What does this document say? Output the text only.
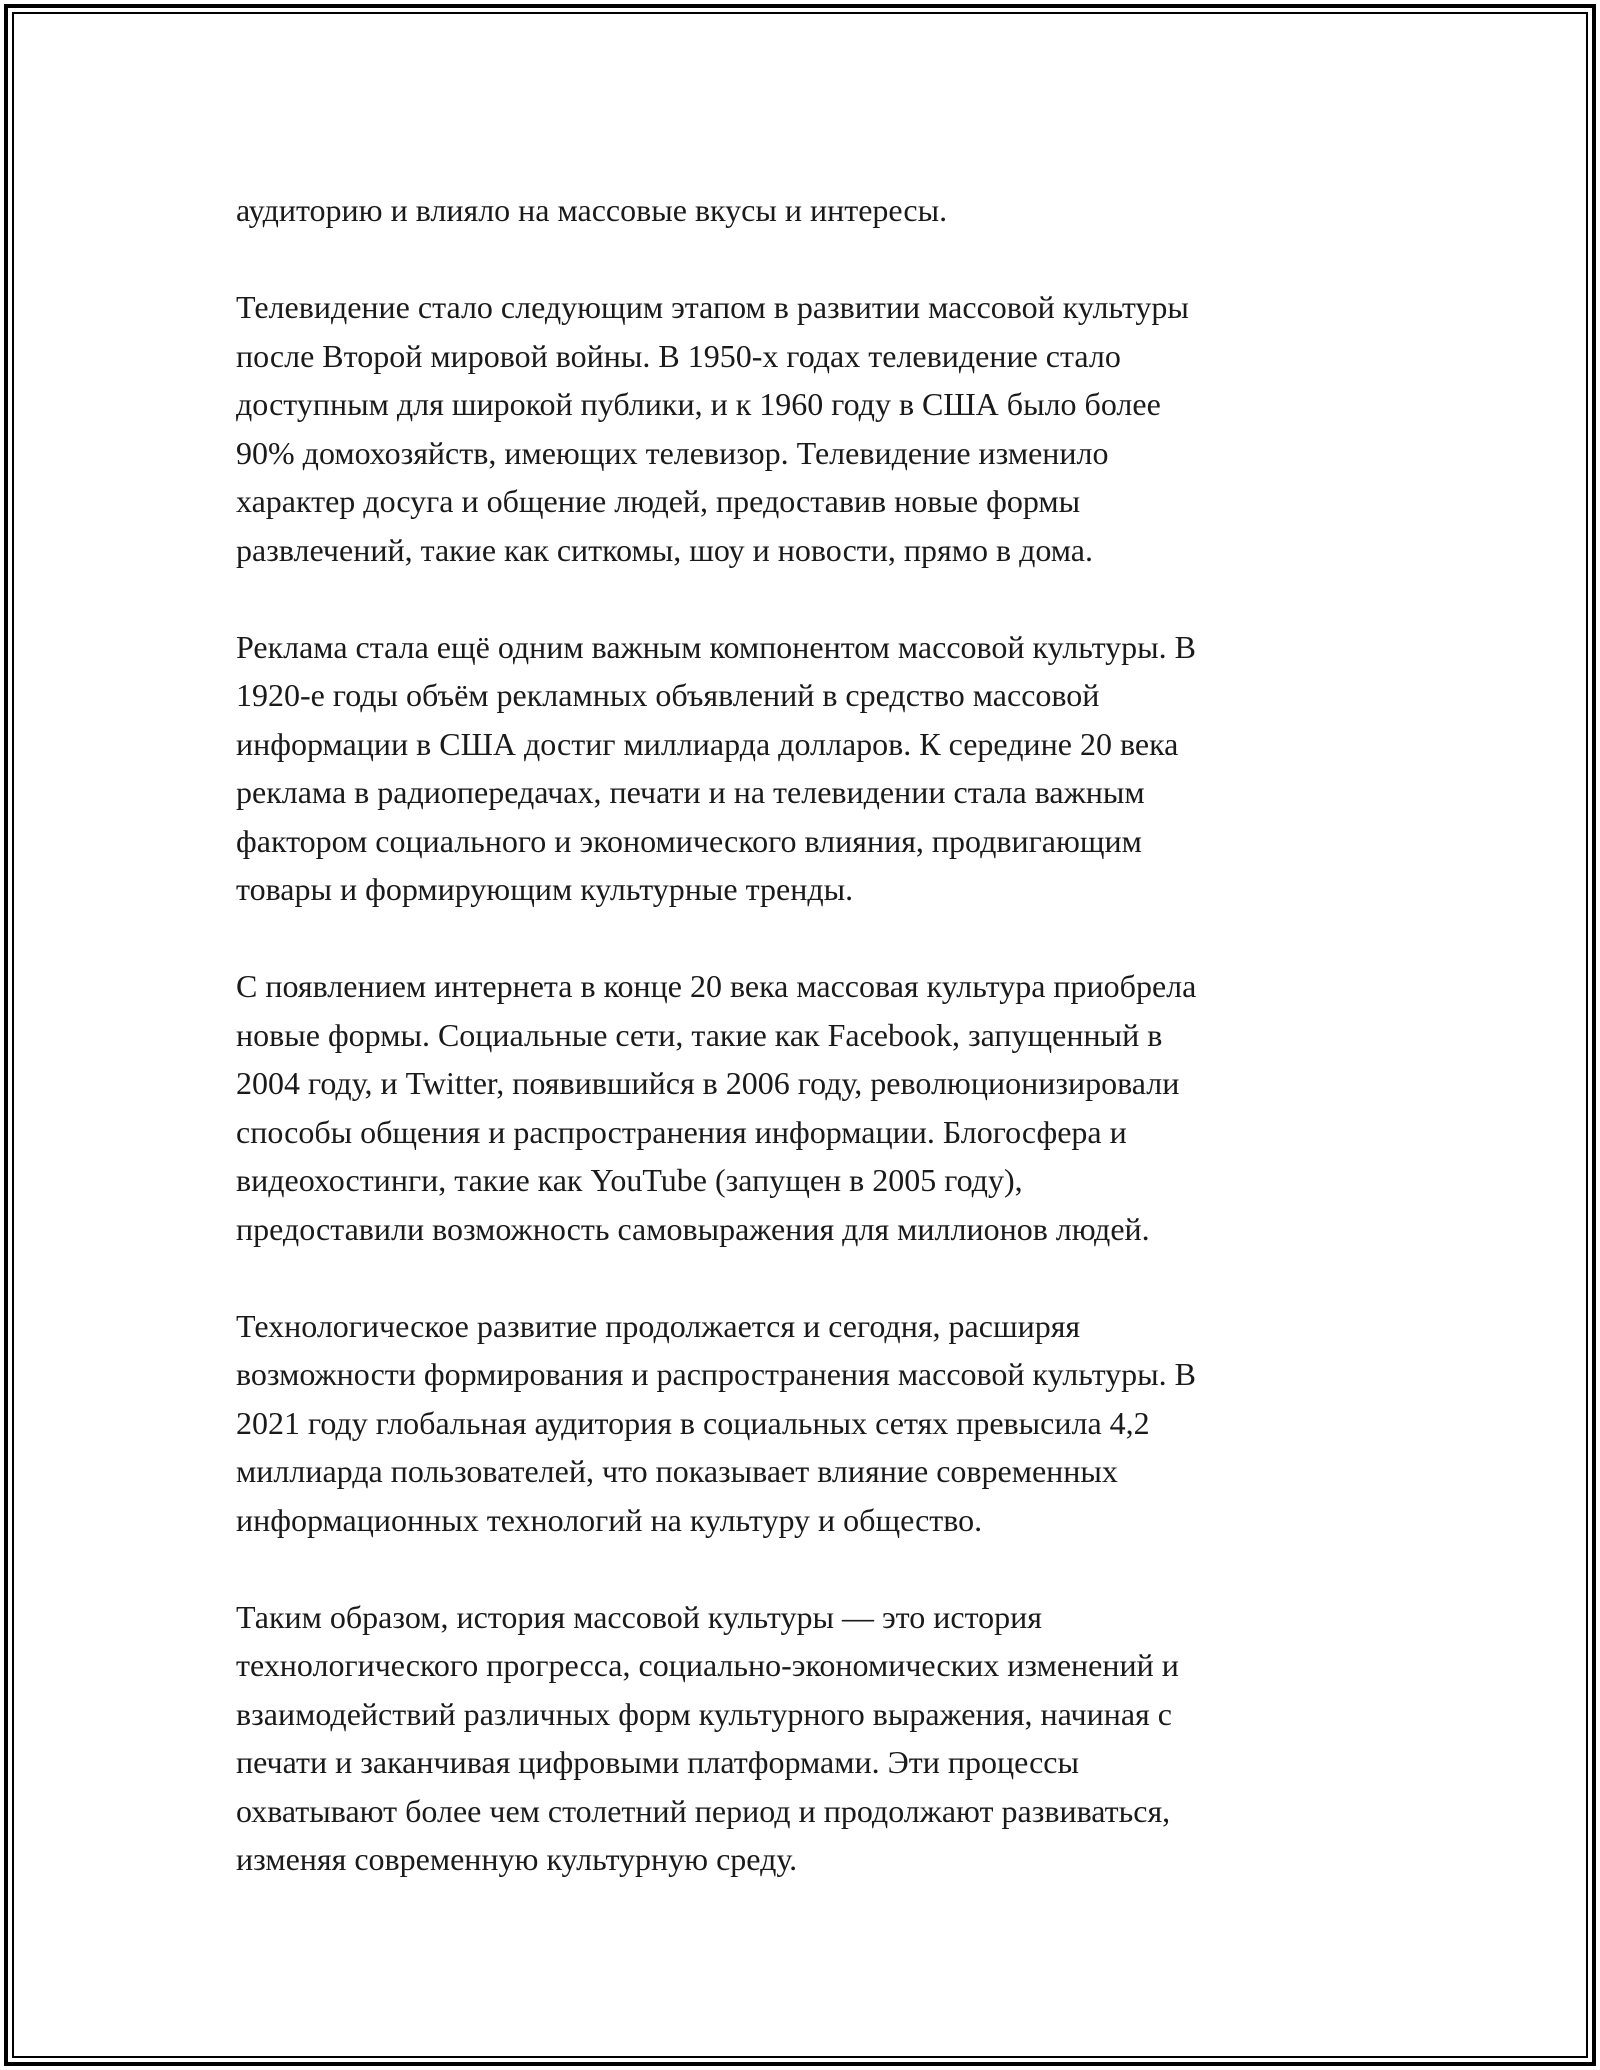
аудиторию и влияло на массовые вкусы и интересы.

Телевидение стало следующим этапом в развитии массовой культуры
после Второй мировой войны. В 1950-х годах телевидение стало
доступным для широкой публики, и к 1960 году в США было более
90% домохозяйств, имеющих телевизор. Телевидение изменило
характер досуга и общение людей, предоставив новые формы
развлечений, такие как ситкомы, шоу и новости, прямо в дома.

Реклама стала ещё одним важным компонентом массовой культуры. В
1920-е годы объём рекламных объявлений в средство массовой
информации в США достиг миллиарда долларов. К середине 20 века
реклама в радиопередачах, печати и на телевидении стала важным
фактором социального и экономического влияния, продвигающим
товары и формирующим культурные тренды.

С появлением интернета в конце 20 века массовая культура приобрела
новые формы. Социальные сети, такие как Facebook, запущенный в
2004 году, и Twitter, появившийся в 2006 году, революционизировали
способы общения и распространения информации. Блогосфера и
видеохостинги, такие как YouTube (запущен в 2005 году),
предоставили возможность самовыражения для миллионов людей.

Технологическое развитие продолжается и сегодня, расширяя
возможности формирования и распространения массовой культуры. В
2021 году глобальная аудитория в социальных сетях превысила 4,2
миллиарда пользователей, что показывает влияние современных
информационных технологий на культуру и общество.

Таким образом, история массовой культуры — это история
технологического прогресса, социально-экономических изменений и
взаимодействий различных форм культурного выражения, начиная с
печати и заканчивая цифровыми платформами. Эти процессы
охватывают более чем столетний период и продолжают развиваться,
изменяя современную культурную среду.
